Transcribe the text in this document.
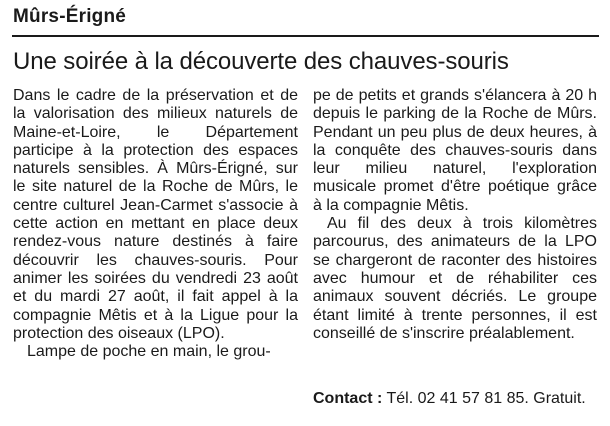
Mûrs-Érigné
Une soirée à la découverte des chauves-souris

Dans le cadre de la préservation et de la valorisation des milieux naturels de Maine-et-Loire, le Département participe à la protection des espaces naturels sensibles. À Mûrs-Érigné, sur le site naturel de la Roche de Mûrs, le centre culturel Jean-Carmet s'associe à cette action en mettant en place deux rendez-vous nature destinés à faire découvrir les chauves-souris. Pour animer les soirées du vendredi 23 août et du mardi 27 août, il fait appel à la compagnie Mêtis et à la Ligue pour la protection des oiseaux (LPO).

Lampe de poche en main, le grou-

pe de petits et grands s'élancera à 20 h depuis le parking de la Roche de Mûrs. Pendant un peu plus de deux heures, à la conquête des chauves-souris dans leur milieu naturel, l'exploration musicale promet d'être poétique grâce à la compagnie Mêtis.

Au fil des deux à trois kilomètres parcourus, des animateurs de la LPO se chargeront de raconter des histoires avec humour et de réhabiliter ces animaux souvent décriés. Le groupe étant limité à trente personnes, il est conseillé de s'inscrire préalablement.

Contact : Tél. 02 41 57 81 85. Gratuit.
